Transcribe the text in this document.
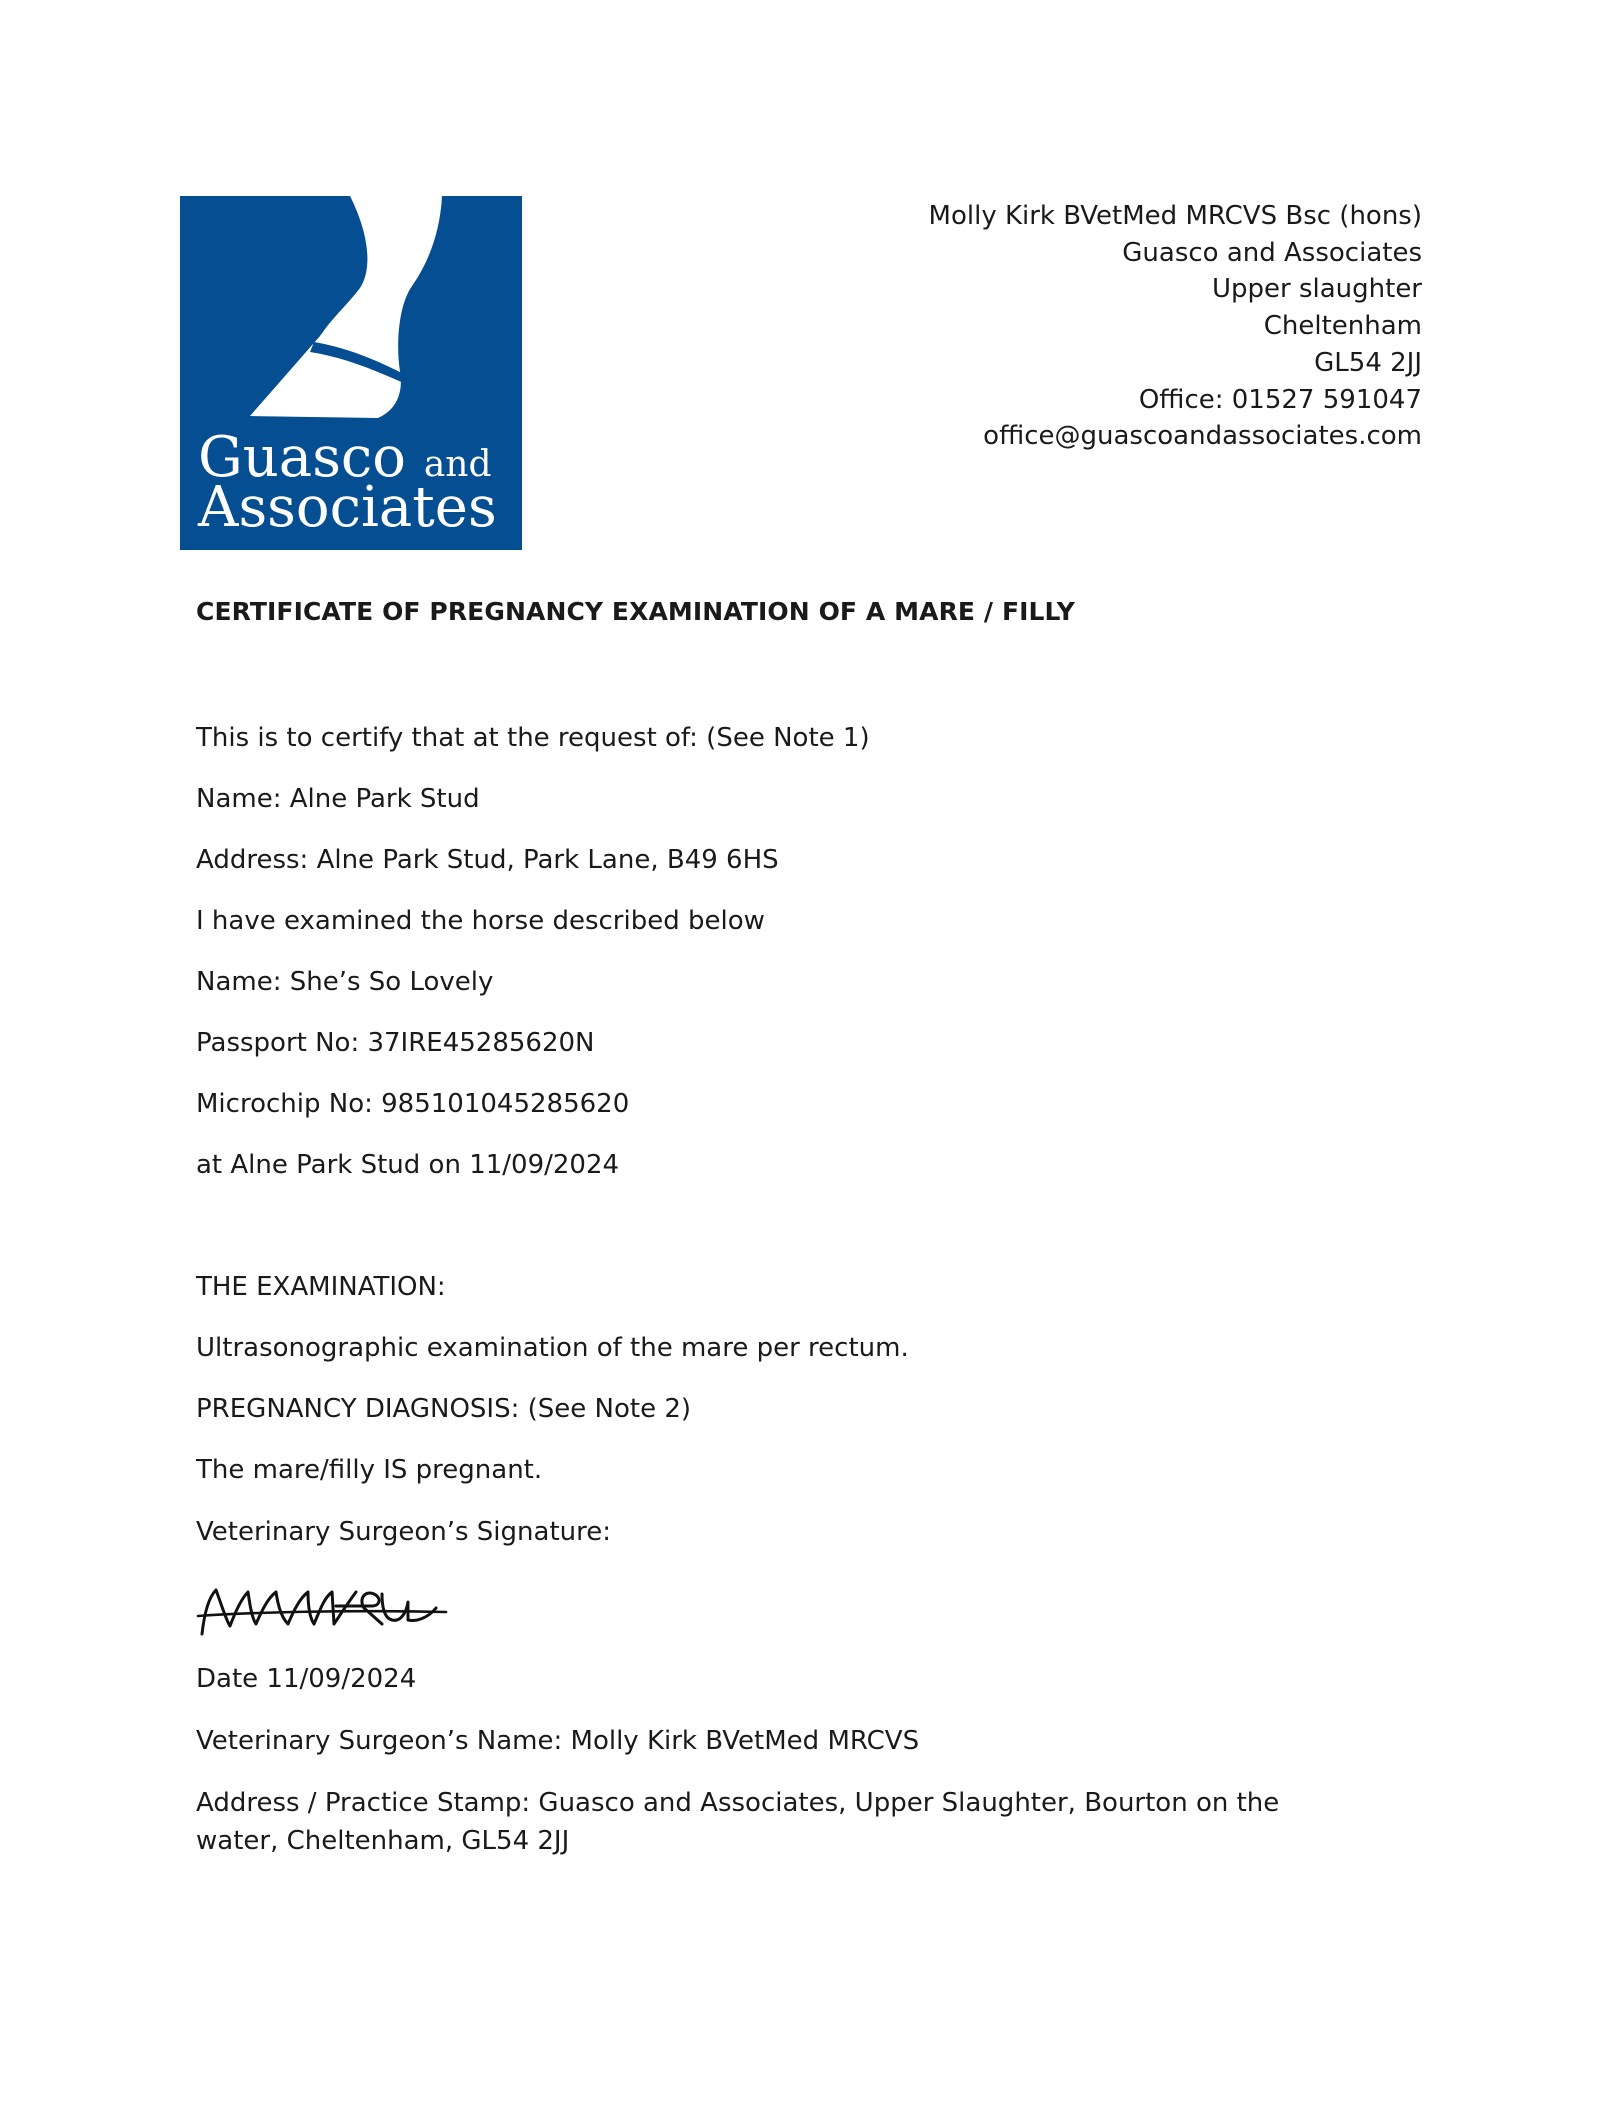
Guasco and
Associates
Molly Kirk BVetMed MRCVS Bsc (hons)
Guasco and Associates
Upper slaughter
Cheltenham
GL54 2JJ
Office: 01527 591047
office@guascoandassociates.com
CERTIFICATE OF PREGNANCY EXAMINATION OF A MARE / FILLY
This is to certify that at the request of: (See Note 1)
Name: Alne Park Stud
Address: Alne Park Stud, Park Lane, B49 6HS
I have examined the horse described below
Name: She’s So Lovely
Passport No: 37IRE45285620N
Microchip No: 985101045285620
at Alne Park Stud on 11/09/2024
THE EXAMINATION:
Ultrasonographic examination of the mare per rectum.
PREGNANCY DIAGNOSIS: (See Note 2)
The mare/filly IS pregnant.
Veterinary Surgeon’s Signature:
Date 11/09/2024
Veterinary Surgeon’s Name: Molly Kirk BVetMed MRCVS
Address / Practice Stamp: Guasco and Associates, Upper Slaughter, Bourton on the water, Cheltenham, GL54 2JJ
